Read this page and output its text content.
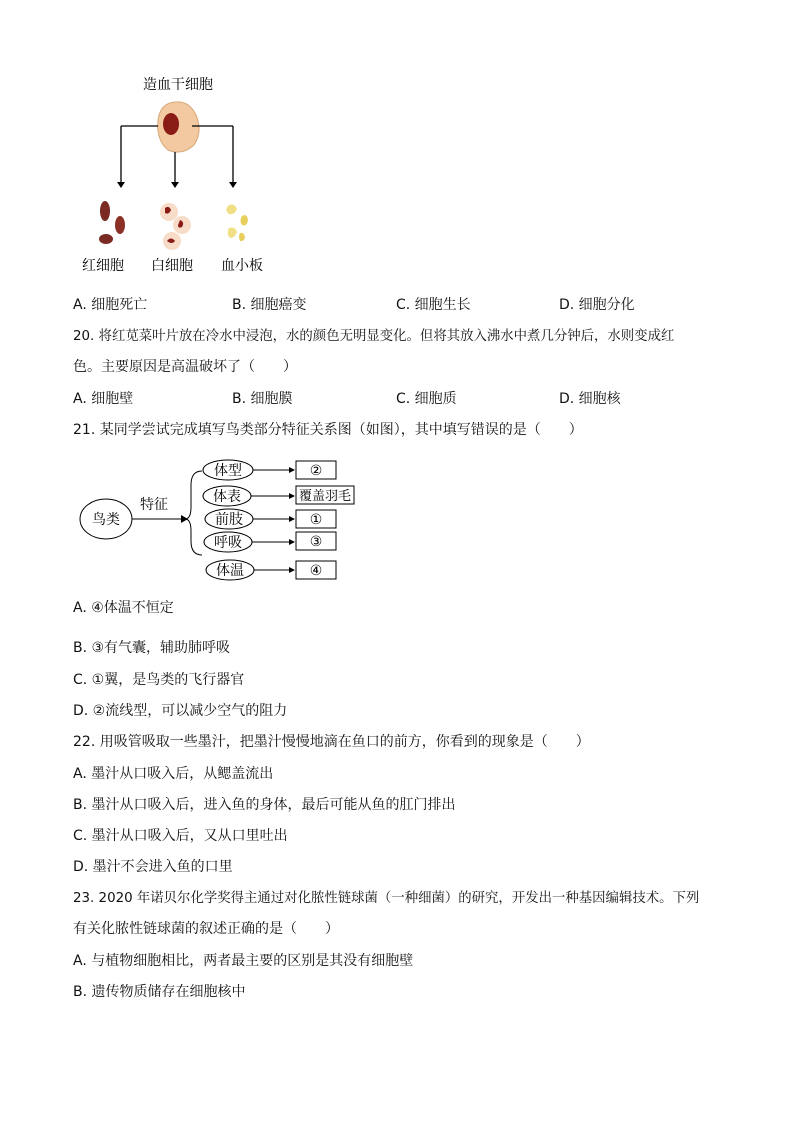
造血干细胞
红细胞 白细胞 血小板
A. 细胞死亡	B. 细胞癌变	C. 细胞生长	D. 细胞分化
20. 将红苋菜叶片放在冷水中浸泡，水的颜色无明显变化。但将其放入沸水中煮几分钟后，水则变成红
色。主要原因是高温破坏了（　　）
A. 细胞壁	B. 细胞膜	C. 细胞质	D. 细胞核
21. 某同学尝试完成填写鸟类部分特征关系图（如图），其中填写错误的是（　　）
鸟类
特征
体型	②
体表	覆盖羽毛
前肢	①
呼吸	③
体温	④
A. ④体温不恒定
B. ③有气囊，辅助肺呼吸
C. ①翼，是鸟类的飞行器官
D. ②流线型，可以减少空气的阻力
22. 用吸管吸取一些墨汁，把墨汁慢慢地滴在鱼口的前方，你看到的现象是（　　）
A. 墨汁从口吸入后，从鳃盖流出
B. 墨汁从口吸入后，进入鱼的身体，最后可能从鱼的肛门排出
C. 墨汁从口吸入后，又从口里吐出
D. 墨汁不会进入鱼的口里
23. 2020 年诺贝尔化学奖得主通过对化脓性链球菌（一种细菌）的研究，开发出一种基因编辑技术。下列
有关化脓性链球菌的叙述正确的是（　　）
A. 与植物细胞相比，两者最主要的区别是其没有细胞壁
B. 遗传物质储存在细胞核中
